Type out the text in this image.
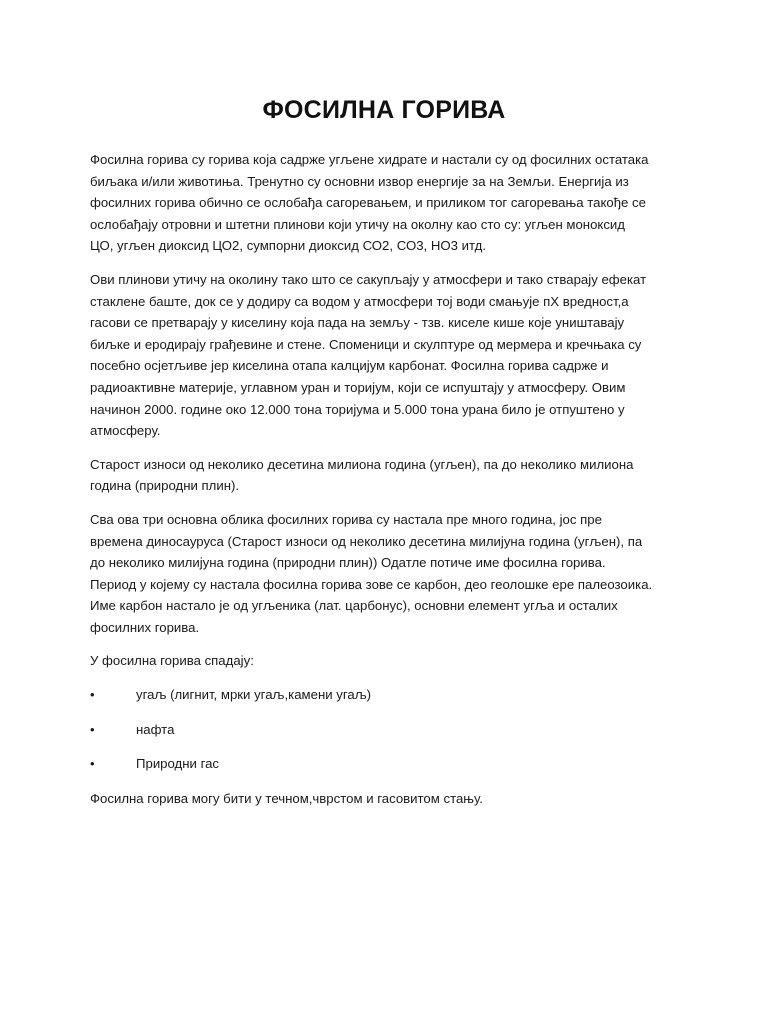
ФОСИЛНА ГОРИВА

Фосилна горива су горива која садрже угљене хидрате и настали су од фосилних остатака
биљака и/или животиња. Тренутно су основни извор енергије за на Земљи. Енергија из
фосилних горива обично се ослобађа сагоревањем, и приликом тог сагоревања такође се
ослобађају отровни и штетни плинови који утичу на околну као сто су: угљен моноксид
ЦО, угљен диоксид ЦО2, сумпорни диоксид СО2, СО3, НО3 итд.

Ови плинови утичу на околину тако што се сакупљају у атмосфери и тако стварају ефекат
стаклене баште, док се у додиру са водом у атмосфери тој води смањује пХ вредност,а
гасови се претварају у киселину која пада на земљу - тзв. киселе кише које уништавају
биљке и еродирају грађевине и стене. Споменици и скулптуре од мермера и кречњака су
посебно осјетљиве јер киселина отапа калцијум карбонат. Фосилна горива садрже и
радиоактивне материје, углавном уран и торијум, који се испуштају у атмосферу. Овим
начинон 2000. године око 12.000 тона торијума и 5.000 тона урана било је отпуштено у
атмосферу.

Старост износи од неколико десетина милиона година (угљен), па до неколико милиона
година (природни плин).

Сва ова три основна облика фосилних горива су настала пре много година, јос пре
времена диносауруса (Старост износи од неколико десетина милијуна година (угљен), па
до неколико милијуна година (природни плин)) Одатле потиче име фосилна горива.
Период у којему су настала фосилна горива зове се карбон, део геолошке ере палеозоика.
Име карбон настало је од угљеника (лат. царбонус), основни елемент угља и осталих
фосилних горива.

У фосилна горива спадају:

•	угаљ (лигнит, мрки угаљ,камени угаљ)
•	нафта
•	Природни гас

Фосилна горива могу бити у течном,чврстом и гасовитом стању.
